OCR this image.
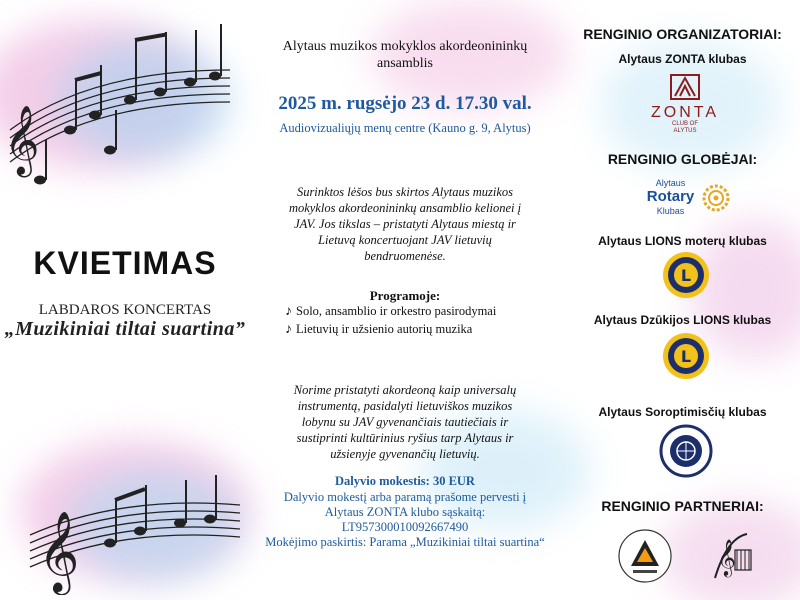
𝄞
𝄞
KVIETIMAS
LABDAROS KONCERTAS
„Muzikiniai tiltai suartina”
Alytaus muzikos mokyklos akordeonininkų ansamblis
2025 m. rugsėjo 23 d. 17.30 val.
Audiovizualiųjų menų centre (Kauno g. 9, Alytus)
Surinktos lėšos bus skirtos Alytaus muzikos mokyklos akordeonininkų ansamblio kelionei į JAV. Jos tikslas – pristatyti Alytaus miestą ir Lietuvą koncertuojant JAV lietuvių bendruomenėse.
Programoje:
♪ Solo, ansamblio ir orkestro pasirodymai
♪ Lietuvių ir užsienio autorių muzika
Norime pristatyti akordeoną kaip universalų instrumentą, pasidalyti lietuviškos muzikos lobynu su JAV gyvenančiais tautiečiais ir sustiprinti kultūrinius ryšius tarp Alytaus ir užsienyje gyvenančių lietuvių.
Dalyvio mokestis: 30 EUR
Dalyvio mokestį arba paramą prašome pervesti į
Alytaus ZONTA klubo sąskaitą:
LT957300010092667490
Mokėjimo paskirtis: Parama „Muzikiniai tiltai suartina“
RENGINIO ORGANIZATORIAI:
Alytaus ZONTA klubas
ZONTA
CLUB OF
ALYTUS
RENGINIO GLOBĖJAI:
Alytaus
Rotary
Klubas
Alytaus LIONS moterų klubas
L
Alytaus Dzūkijos LIONS klubas
L
Alytaus Soroptimisčių klubas
RENGINIO PARTNERIAI:
𝄞
